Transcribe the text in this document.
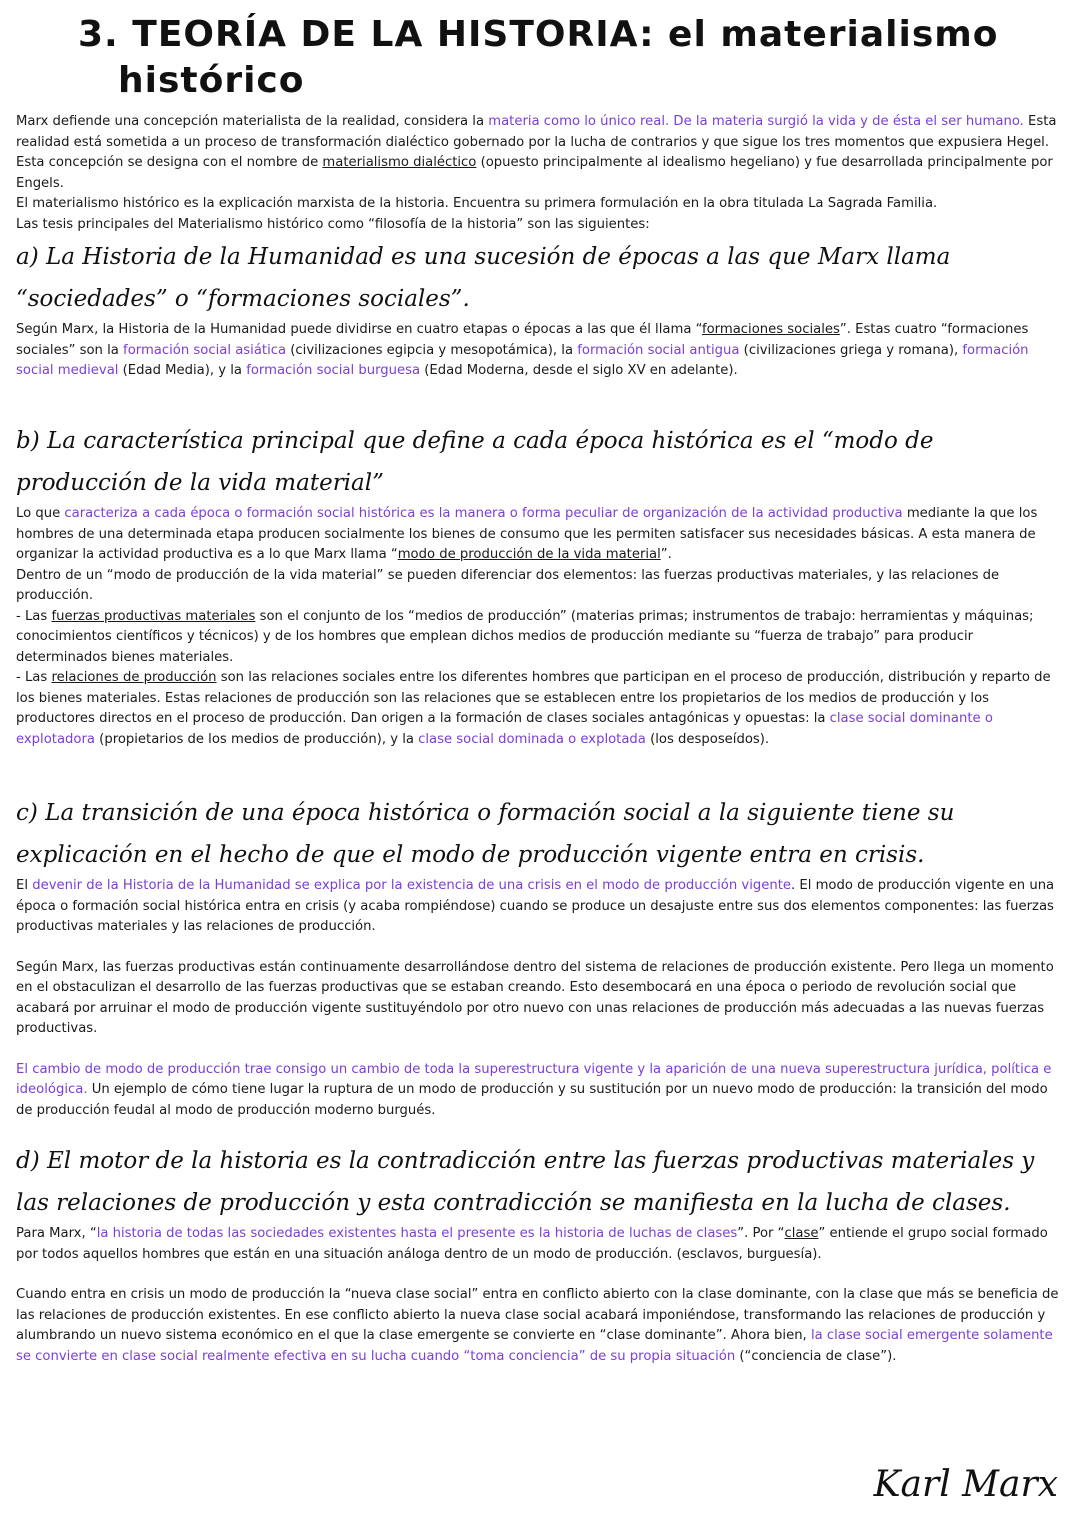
3. TEORÍA DE LA HISTORIA: el materialismo
histórico

Marx defiende una concepción materialista de la realidad, considera la materia como lo único real. De la materia surgió la vida y de ésta el ser humano. Esta realidad está sometida a un proceso de transformación dialéctico gobernado por la lucha de contrarios y que sigue los tres momentos que expusiera Hegel. Esta concepción se designa con el nombre de materialismo dialéctico (opuesto principalmente al idealismo hegeliano) y fue desarrollada principalmente por Engels.

El materialismo histórico es la explicación marxista de la historia. Encuentra su primera formulación en la obra titulada La Sagrada Familia.

Las tesis principales del Materialismo histórico como “filosofía de la historia” son las siguientes:

a) La Historia de la Humanidad es una sucesión de épocas a las que Marx llama “sociedades” o “formaciones sociales”.

Según Marx, la Historia de la Humanidad puede dividirse en cuatro etapas o épocas a las que él llama “formaciones sociales”. Estas cuatro “formaciones sociales” son la formación social asiática (civilizaciones egipcia y mesopotámica), la formación social antigua (civilizaciones griega y romana), formación social medieval (Edad Media), y la formación social burguesa (Edad Moderna, desde el siglo XV en adelante).

b) La característica principal que define a cada época histórica es el “modo de producción de la vida material”

Lo que caracteriza a cada época o formación social histórica es la manera o forma peculiar de organización de la actividad productiva mediante la que los hombres de una determinada etapa producen socialmente los bienes de consumo que les permiten satisfacer sus necesidades básicas. A esta manera de organizar la actividad productiva es a lo que Marx llama “modo de producción de la vida material”.

Dentro de un “modo de producción de la vida material” se pueden diferenciar dos elementos: las fuerzas productivas materiales, y las relaciones de producción.

- Las fuerzas productivas materiales son el conjunto de los “medios de producción” (materias primas; instrumentos de trabajo: herramientas y máquinas; conocimientos científicos y técnicos) y de los hombres que emplean dichos medios de producción mediante su “fuerza de trabajo” para producir determinados bienes materiales.

- Las relaciones de producción son las relaciones sociales entre los diferentes hombres que participan en el proceso de producción, distribución y reparto de los bienes materiales. Estas relaciones de producción son las relaciones que se establecen entre los propietarios de los medios de producción y los productores directos en el proceso de producción. Dan origen a la formación de clases sociales antagónicas y opuestas: la clase social dominante o explotadora (propietarios de los medios de producción), y la clase social dominada o explotada (los desposeídos).

c) La transición de una época histórica o formación social a la siguiente tiene su explicación en el hecho de que el modo de producción vigente entra en crisis.

El devenir de la Historia de la Humanidad se explica por la existencia de una crisis en el modo de producción vigente. El modo de producción vigente en una época o formación social histórica entra en crisis (y acaba rompiéndose) cuando se produce un desajuste entre sus dos elementos componentes: las fuerzas productivas materiales y las relaciones de producción.

Según Marx, las fuerzas productivas están continuamente desarrollándose dentro del sistema de relaciones de producción existente. Pero llega un momento en el obstaculizan el desarrollo de las fuerzas productivas que se estaban creando. Esto desembocará en una época o periodo de revolución social que acabará por arruinar el modo de producción vigente sustituyéndolo por otro nuevo con unas relaciones de producción más adecuadas a las nuevas fuerzas productivas.

El cambio de modo de producción trae consigo un cambio de toda la superestructura vigente y la aparición de una nueva superestructura jurídica, política e ideológica. Un ejemplo de cómo tiene lugar la ruptura de un modo de producción y su sustitución por un nuevo modo de producción: la transición del modo de producción feudal al modo de producción moderno burgués.

d) El motor de la historia es la contradicción entre las fuerzas productivas materiales y las relaciones de producción y esta contradicción se manifiesta en la lucha de clases.

Para Marx, “la historia de todas las sociedades existentes hasta el presente es la historia de luchas de clases”. Por “clase” entiende el grupo social formado por todos aquellos hombres que están en una situación análoga dentro de un modo de producción. (esclavos, burguesía).

Cuando entra en crisis un modo de producción la “nueva clase social” entra en conflicto abierto con la clase dominante, con la clase que más se beneficia de las relaciones de producción existentes. En ese conflicto abierto la nueva clase social acabará imponiéndose, transformando las relaciones de producción y alumbrando un nuevo sistema económico en el que la clase emergente se convierte en “clase dominante”. Ahora bien, la clase social emergente solamente se convierte en clase social realmente efectiva en su lucha cuando “toma conciencia” de su propia situación (“conciencia de clase”).

Karl Marx
